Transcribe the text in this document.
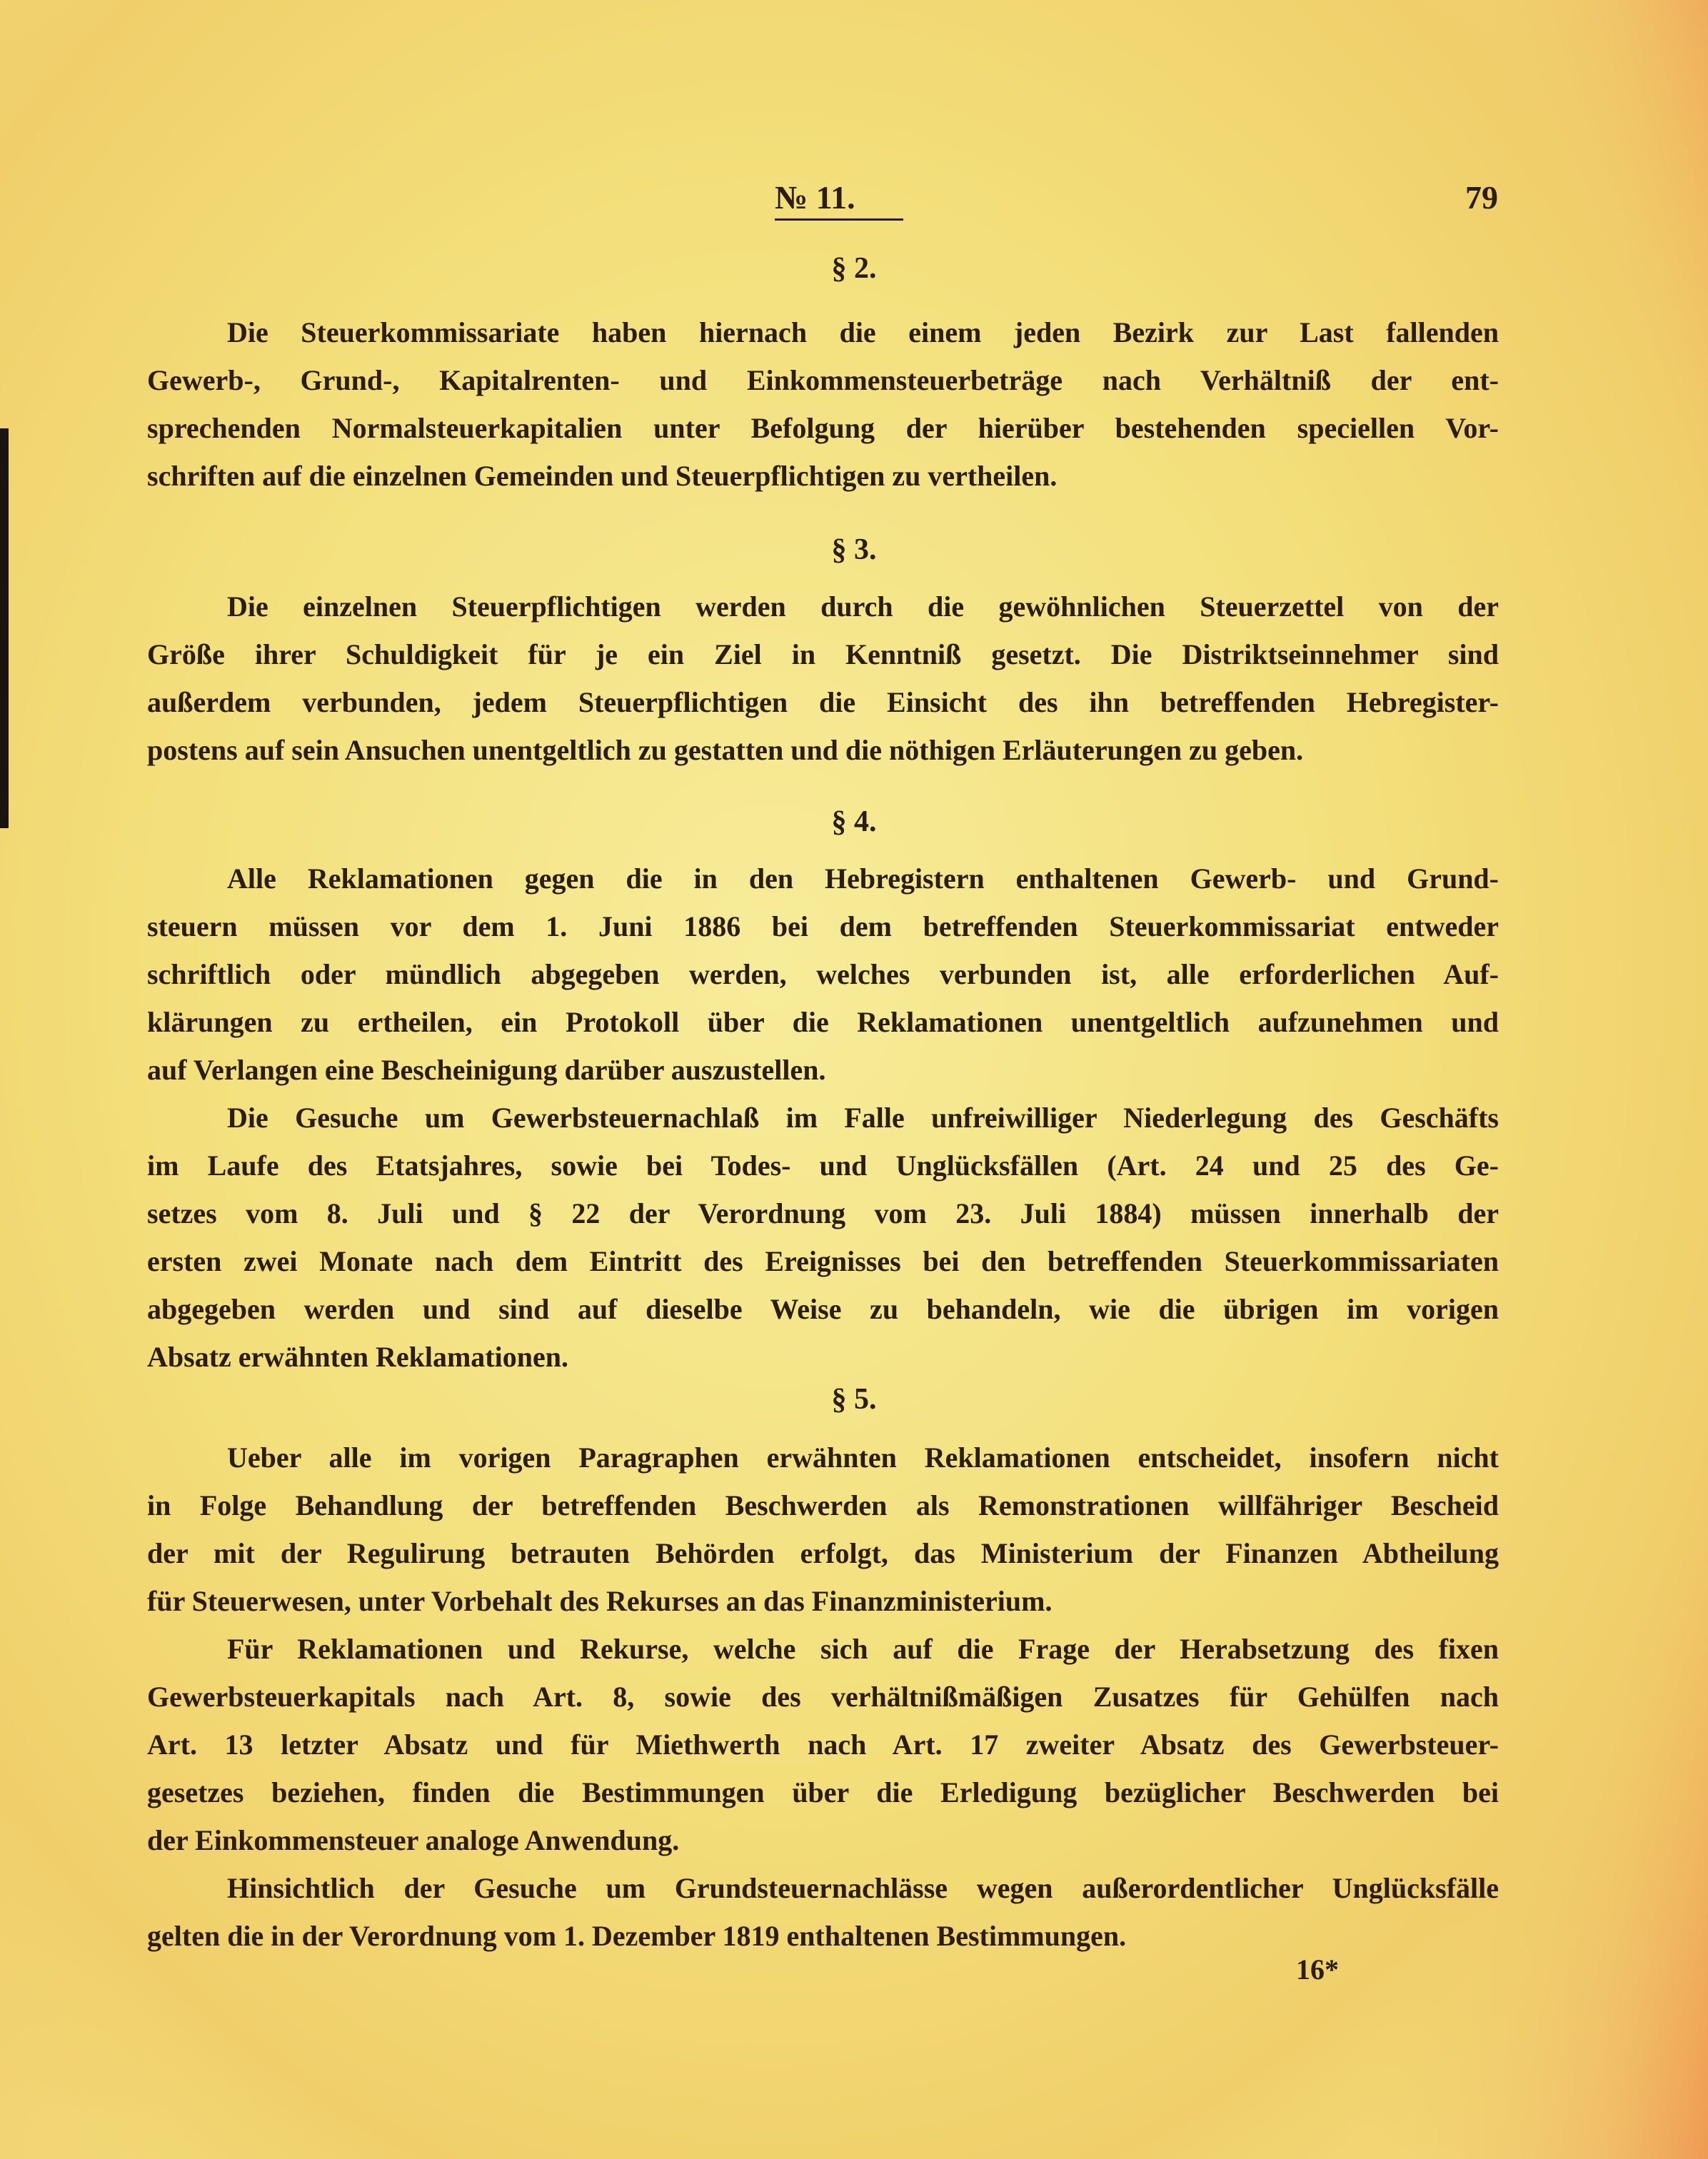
№ 11.	79
§ 2.
Die Steuerkommissariate haben hiernach die einem jeden Bezirk zur Last fallenden
Gewerb-, Grund-, Kapitalrenten- und Einkommensteuerbeträge nach Verhältniß der ent-
sprechenden Normalsteuerkapitalien unter Befolgung der hierüber bestehenden speciellen Vor-
schriften auf die einzelnen Gemeinden und Steuerpflichtigen zu vertheilen.
§ 3.
Die einzelnen Steuerpflichtigen werden durch die gewöhnlichen Steuerzettel von der
Größe ihrer Schuldigkeit für je ein Ziel in Kenntniß gesetzt. Die Distriktseinnehmer sind
außerdem verbunden, jedem Steuerpflichtigen die Einsicht des ihn betreffenden Hebregister-
postens auf sein Ansuchen unentgeltlich zu gestatten und die nöthigen Erläuterungen zu geben.
§ 4.
Alle Reklamationen gegen die in den Hebregistern enthaltenen Gewerb- und Grund-
steuern müssen vor dem 1. Juni 1886 bei dem betreffenden Steuerkommissariat entweder
schriftlich oder mündlich abgegeben werden, welches verbunden ist, alle erforderlichen Auf-
klärungen zu ertheilen, ein Protokoll über die Reklamationen unentgeltlich aufzunehmen und
auf Verlangen eine Bescheinigung darüber auszustellen.
Die Gesuche um Gewerbsteuernachlaß im Falle unfreiwilliger Niederlegung des Geschäfts
im Laufe des Etatsjahres, sowie bei Todes- und Unglücksfällen (Art. 24 und 25 des Ge-
setzes vom 8. Juli und § 22 der Verordnung vom 23. Juli 1884) müssen innerhalb der
ersten zwei Monate nach dem Eintritt des Ereignisses bei den betreffenden Steuerkommissariaten
abgegeben werden und sind auf dieselbe Weise zu behandeln, wie die übrigen im vorigen
Absatz erwähnten Reklamationen.
§ 5.
Ueber alle im vorigen Paragraphen erwähnten Reklamationen entscheidet, insofern nicht
in Folge Behandlung der betreffenden Beschwerden als Remonstrationen willfähriger Bescheid
der mit der Regulirung betrauten Behörden erfolgt, das Ministerium der Finanzen Abtheilung
für Steuerwesen, unter Vorbehalt des Rekurses an das Finanzministerium.
Für Reklamationen und Rekurse, welche sich auf die Frage der Herabsetzung des fixen
Gewerbsteuerkapitals nach Art. 8, sowie des verhältnißmäßigen Zusatzes für Gehülfen nach
Art. 13 letzter Absatz und für Miethwerth nach Art. 17 zweiter Absatz des Gewerbsteuer-
gesetzes beziehen, finden die Bestimmungen über die Erledigung bezüglicher Beschwerden bei
der Einkommensteuer analoge Anwendung.
Hinsichtlich der Gesuche um Grundsteuernachlässe wegen außerordentlicher Unglücksfälle
gelten die in der Verordnung vom 1. Dezember 1819 enthaltenen Bestimmungen.
16*
